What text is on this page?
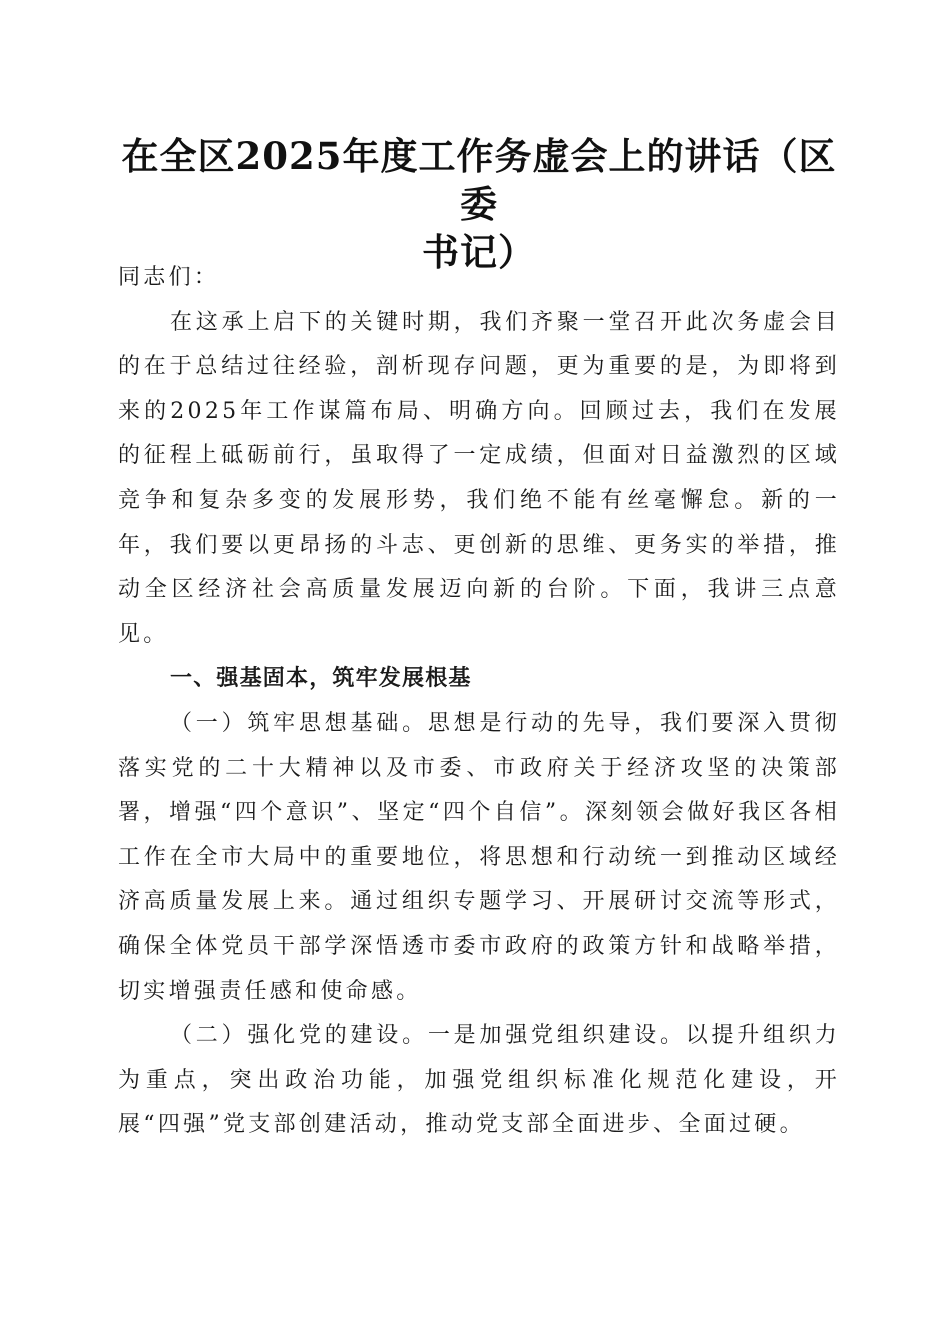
在全区2025年度工作务虚会上的讲话（区委
书记）

同志们：

在这承上启下的关键时期，我们齐聚一堂召开此次务虚会目的在于总结过往经验，剖析现存问题，更为重要的是，为即将到来的2025年工作谋篇布局、明确方向。回顾过去，我们在发展的征程上砥砺前行，虽取得了一定成绩，但面对日益激烈的区域竞争和复杂多变的发展形势，我们绝不能有丝毫懈怠。新的一年，我们要以更昂扬的斗志、更创新的思维、更务实的举措，推动全区经济社会高质量发展迈向新的台阶。下面，我讲三点意见。

一、强基固本，筑牢发展根基

（一）筑牢思想基础。思想是行动的先导，我们要深入贯彻落实党的二十大精神以及市委、市政府关于经济攻坚的决策部署，增强“四个意识”、坚定“四个自信”。深刻领会做好我区各相工作在全市大局中的重要地位，将思想和行动统一到推动区域经济高质量发展上来。通过组织专题学习、开展研讨交流等形式，确保全体党员干部学深悟透市委市政府的政策方针和战略举措，切实增强责任感和使命感。

（二）强化党的建设。一是加强党组织建设。以提升组织力为重点，突出政治功能，加强党组织标准化规范化建设，开展“四强”党支部创建活动，推动党支部全面进步、全面过硬。
